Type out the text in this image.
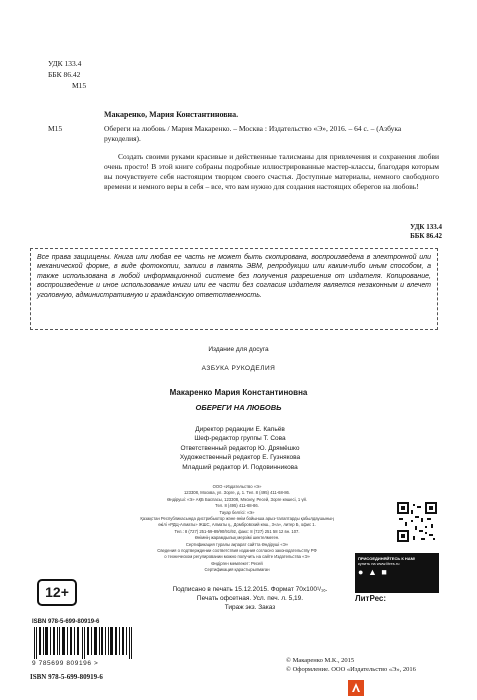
УДК 133.4
ББК 86.42
М15
Макаренко, Мария Константиновна.
М15	Обереги на любовь / Мария Макаренко. – Москва : Издательство «Э», 2016. – 64 с. – (Азбука рукоделия).
Создать своими руками красивые и действенные талисманы для привлечения и сохранения любви очень просто! В этой книге собраны подробные иллюстрированные мастер-классы, благодаря которым вы почувствуете себя настоящим творцом своего счастья. Доступные материалы, немного свободного времени и немного веры в себя – все, что вам нужно для создания настоящих оберегов на любовь!
УДК 133.4
ББК 86.42
Все права защищены. Книга или любая ее часть не может быть скопирована, воспроизведена в электронной или механической форме, в виде фотокопии, записи в память ЭВМ, репродукции или каким-либо иным способом, а также использована в любой информационной системе без получения разрешения от издателя. Копирование, воспроизведение и иное использование книги или ее части без согласия издателя является незаконным и влечет уголовную, административную и гражданскую ответственность.
Издание для досуга
АЗБУКА РУКОДЕЛИЯ
Макаренко Мария Константиновна
ОБЕРЕГИ НА ЛЮБОВЬ
Директор редакции Е. Капьёв
Шеф-редактор группы Т. Сова
Ответственный редактор Ю. Дрямёшко
Художественный редактор Е. Гузнякова
Младший редактор И. Подовинникова
ООО «Издательство «Э»
123308, Москва, ул. Зорге, д. 1. Тел. 8 (495) 411-68-86.
Өндіруші: «Э» АҚБ Баспасы, 123308, Мәскеу, Ресей, Зорге көшесі, 1 үй.
Тел. 8 (495) 411-68-86.
Тауар белгісі: «Э»
Қазақстан Республикасында дистрибьютор және өнім бойынша арыз-талаптарды қабылдаушының
өкілі «РДЦ-Алматы» ЖШС, Алматы қ., Домбровский көш., 3«а», литер Б, офис 1.
Тел.: 8 (727) 251-59-89/90/91/92, факс: 8 (727) 251 58 12 вн. 107.
Өнімнің жарамдылық мерзімі шектелмеген.
Сертификация туралы ақпарат сайтта Өндіруші «Э»
Сведения о подтверждении соответствия издания согласно законодательству РФ
о техническом регулировании можно получить на сайте Издательства «Э»
Өндірген мемлекет: Ресей
Сертификация қарастырылмаған
Подписано в печать 15.12.2015. Формат 70x100¹/₁₆.
Печать офсетная. Усл. печ. л. 5,19.
Тираж экз. Заказ
12+
ISBN 978-5-699-80919-6
9 785699 809196 >
ISBN 978-5-699-80919-6
ПРИСОЕДИНЯЙТЕСЬ К НАМ!
купить на www.litres.ru
● ▲ ■
ЛитРес:
© Макаренко М.К., 2015
© Оформление. ООО «Издательство «Э», 2016
